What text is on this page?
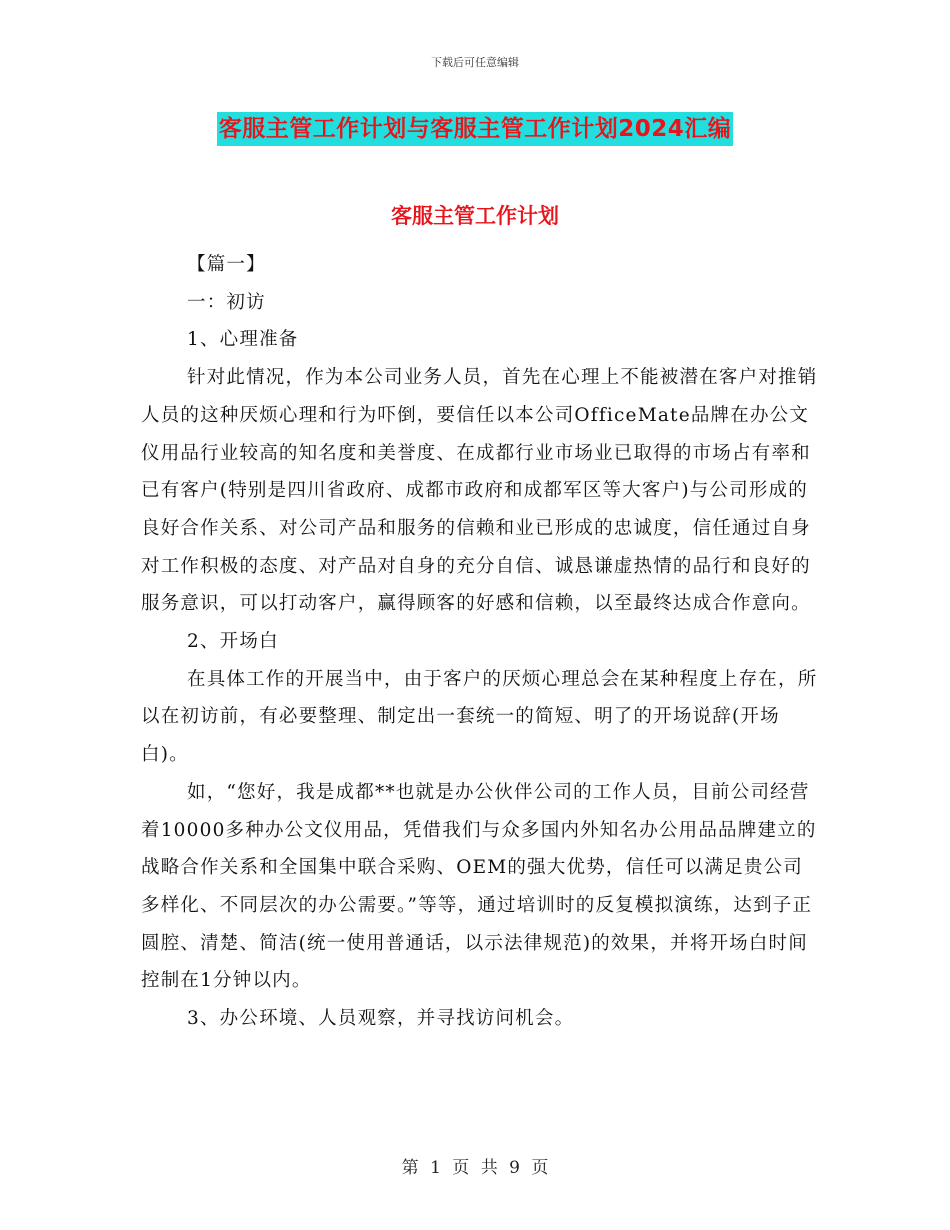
下载后可任意编辑
客服主管工作计划与客服主管工作计划2024汇编
客服主管工作计划

【篇一】

一：初访

1、心理准备

针对此情况，作为本公司业务人员，首先在心理上不能被潜在客户对推销人员的这种厌烦心理和行为吓倒，要信任以本公司OfficeMate品牌在办公文仪用品行业较高的知名度和美誉度、在成都行业市场业已取得的市场占有率和已有客户(特别是四川省政府、成都市政府和成都军区等大客户)与公司形成的良好合作关系、对公司产品和服务的信赖和业已形成的忠诚度，信任通过自身对工作积极的态度、对产品对自身的充分自信、诚恳谦虚热情的品行和良好的服务意识，可以打动客户，赢得顾客的好感和信赖，以至最终达成合作意向。

2、开场白

在具体工作的开展当中，由于客户的厌烦心理总会在某种程度上存在，所以在初访前，有必要整理、制定出一套统一的简短、明了的开场说辞(开场白)。

如，“您好，我是成都**也就是办公伙伴公司的工作人员，目前公司经营着10000多种办公文仪用品，凭借我们与众多国内外知名办公用品品牌建立的战略合作关系和全国集中联合采购、OEM的强大优势，信任可以满足贵公司多样化、不同层次的办公需要。”等等，通过培训时的反复模拟演练，达到子正圆腔、清楚、简洁(统一使用普通话，以示法律规范)的效果，并将开场白时间控制在1分钟以内。

3、办公环境、人员观察，并寻找访问机会。

第 1 页 共 9 页
